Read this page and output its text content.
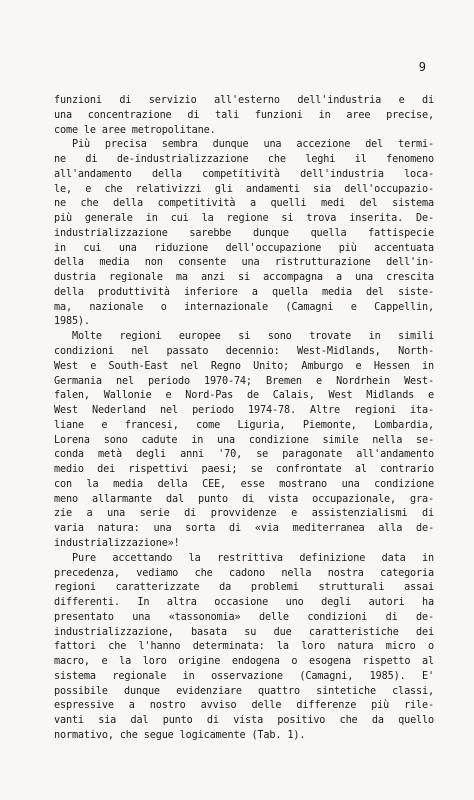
9
funzioni di servizio all'esterno dell'industria e di
una concentrazione di tali funzioni in aree precise,
come le aree metropolitane.
Più precisa sembra dunque una accezione del termi-
ne di de-industrializzazione che leghi il fenomeno
all'andamento della competitività dell'industria loca-
le, e che relativizzi gli andamenti sia dell'occupazio-
ne che della competitività a quelli medi del sistema
più generale in cui la regione si trova inserita. De-
industrializzazione sarebbe dunque quella fattispecie
in cui una riduzione dell'occupazione più accentuata
della media non consente una ristrutturazione dell'in-
dustria regionale ma anzi si accompagna a una crescita
della produttività inferiore a quella media del siste-
ma, nazionale o internazionale (Camagni e Cappellin,
1985).
Molte regioni europee si sono trovate in simili
condizioni nel passato decennio: West-Midlands, North-
West e South-East nel Regno Unito; Amburgo e Hessen in
Germania nel periodo 1970-74; Bremen e Nordrhein West-
falen, Wallonie e Nord-Pas de Calais, West Midlands e
West Nederland nel periodo 1974-78. Altre regioni ita-
liane e francesi, come Liguria, Piemonte, Lombardia,
Lorena sono cadute in una condizione simile nella se-
conda metà degli anni '70, se paragonate all'andamento
medio dei rispettivi paesi; se confrontate al contrario
con la media della CEE, esse mostrano una condizione
meno allarmante dal punto di vista occupazionale, gra-
zie a una serie di provvidenze e assistenzialismi di
varia natura: una sorta di «via mediterranea alla de-
industrializzazione»!
Pure accettando la restrittiva definizione data in
precedenza, vediamo che cadono nella nostra categoria
regioni caratterizzate da problemi strutturali assai
differenti. In altra occasione uno degli autori ha
presentato una «tassonomia» delle condizioni di de-
industrializzazione, basata su due caratteristiche dei
fattori che l'hanno determinata: la loro natura micro o
macro, e la loro origine endogena o esogena rispetto al
sistema regionale in osservazione (Camagni, 1985). E'
possibile dunque evidenziare quattro sintetiche classi,
espressive a nostro avviso delle differenze più rile-
vanti sia dal punto di vista positivo che da quello
normativo, che segue logicamente (Tab. 1).
